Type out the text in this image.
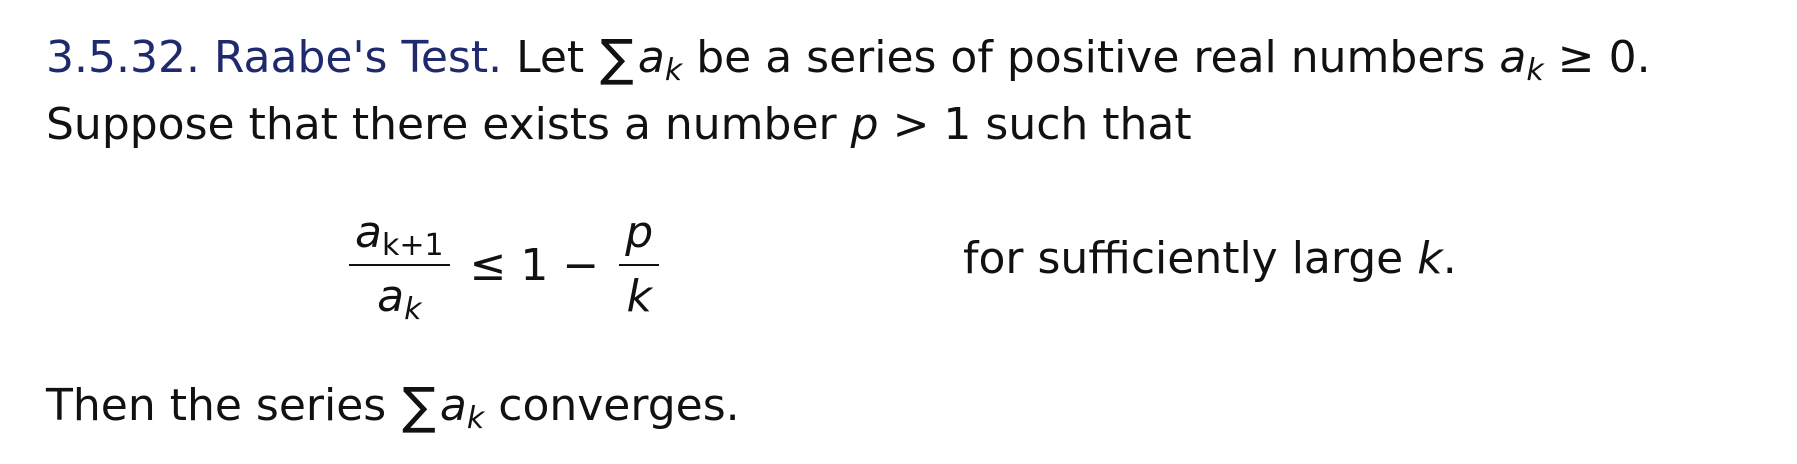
3.5.32. Raabe's Test. Let $\sum a_k$ be a series of positive real numbers $a_k \ge 0$.
Suppose that there exists a number p > 1 such that
$\frac{a_{k+1}}{a_k} \le 1 - \frac{p}{k}$	for sufficiently large k.
Then the series $\sum a_k$ converges.
